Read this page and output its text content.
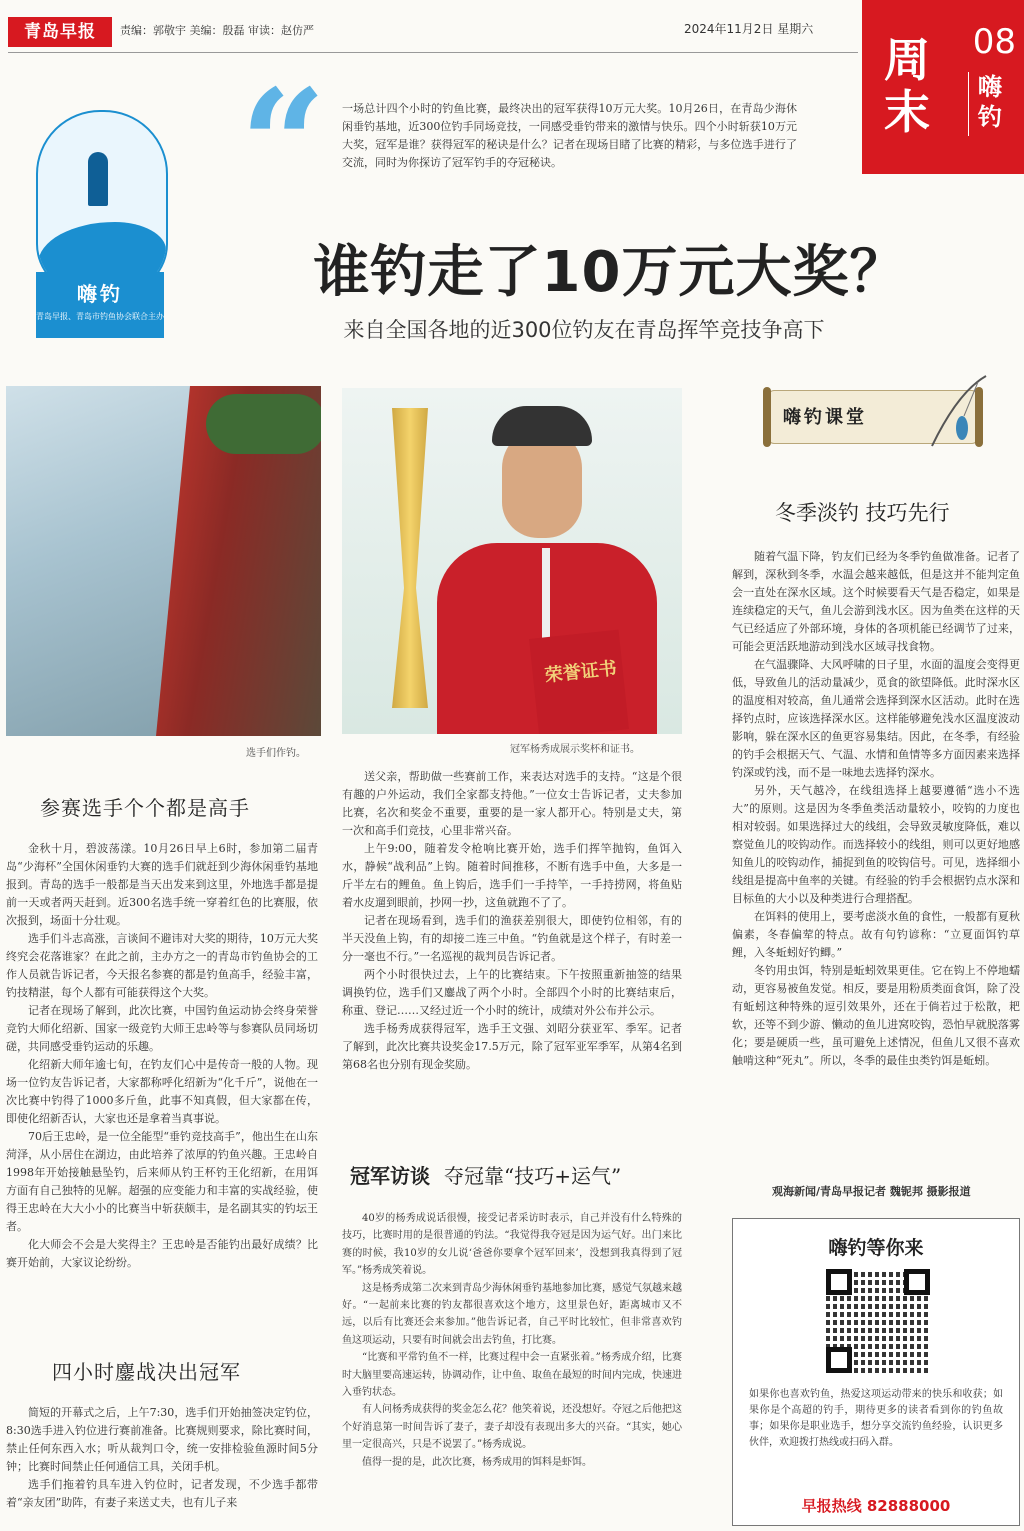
青岛早报	责编：郭敬宇 美编：殷磊 审读：赵仿严	2024年11月2日 星期六	08
周末	嗨钓
嗨钓
青岛早报、青岛市钓鱼协会联合主办
“ 一场总计四个小时的钓鱼比赛，最终决出的冠军获得10万元大奖。10月26日，在青岛少海休闲垂钓基地，近300位钓手同场竞技，一同感受垂钓带来的激情与快乐。四个小时斩获10万元大奖，冠军是谁？获得冠军的秘诀是什么？记者在现场目睹了比赛的精彩，与多位选手进行了交流，同时为你探访了冠军钓手的夺冠秘诀。
谁钓走了10万元大奖？
来自全国各地的近300位钓友在青岛挥竿竞技争高下
选手们作钓。
荣誉证书
冠军杨秀成展示奖杯和证书。
参赛选手个个都是高手

金秋十月，碧波荡漾。10月26日早上6时，参加第二届青岛“少海杯”全国休闲垂钓大赛的选手们就赶到少海休闲垂钓基地报到。青岛的选手一般都是当天出发来到这里，外地选手都是提前一天或者两天赶到。近300名选手统一穿着红色的比赛服，依次报到，场面十分壮观。

选手们斗志高涨，言谈间不避讳对大奖的期待，10万元大奖终究会花落谁家？在此之前，主办方之一的青岛市钓鱼协会的工作人员就告诉记者，今天报名参赛的都是钓鱼高手，经验丰富，钓技精湛，每个人都有可能获得这个大奖。

记者在现场了解到，此次比赛，中国钓鱼运动协会终身荣誉竞钓大师化绍新、国家一级竞钓大师王忠岭等与参赛队员同场切磋，共同感受垂钓运动的乐趣。

化绍新大师年逾七旬，在钓友们心中是传奇一般的人物。现场一位钓友告诉记者，大家都称呼化绍新为“化千斤”，说他在一次比赛中钓得了1000多斤鱼，此事不知真假，但大家都在传，即使化绍新否认，大家也还是拿着当真事说。

70后王忠岭，是一位全能型“垂钓竞技高手”，他出生在山东菏泽，从小居住在湖边，由此培养了浓厚的钓鱼兴趣。王忠岭自1998年开始接触悬坠钓，后来师从钓王杯钓王化绍新，在用饵方面有自己独特的见解。超强的应变能力和丰富的实战经验，使得王忠岭在大大小小的比赛当中斩获颇丰，是名副其实的钓坛王者。

化大师会不会是大奖得主？王忠岭是否能钓出最好成绩？比赛开始前，大家议论纷纷。

四小时鏖战决出冠军

简短的开幕式之后，上午7:30，选手们开始抽签决定钓位，8:30选手进入钓位进行赛前准备。比赛规则要求，除比赛时间，禁止任何东西入水；听从裁判口令，统一安排检验鱼源时间5分钟；比赛时间禁止任何通信工具，关闭手机。

选手们拖着钓具车进入钓位时，记者发现，不少选手都带着“亲友团”助阵，有妻子来送丈夫，也有儿子来

送父亲，帮助做一些赛前工作，来表达对选手的支持。“这是个很有趣的户外运动，我们全家都支持他。”一位女士告诉记者，丈夫参加比赛，名次和奖金不重要，重要的是一家人都开心。特别是丈夫，第一次和高手们竞技，心里非常兴奋。

上午9:00，随着发令枪响比赛开始，选手们挥竿抛钩，鱼饵入水，静候“战利品”上钩。随着时间推移，不断有选手中鱼，大多是一斤半左右的鲤鱼。鱼上钩后，选手们一手持竿，一手持捞网，将鱼贴着水皮遛到眼前，抄网一抄，这鱼就跑不了了。

记者在现场看到，选手们的渔获差别很大，即使钓位相邻，有的半天没鱼上钩，有的却接二连三中鱼。“钓鱼就是这个样子，有时差一分一毫也不行。”一名巡视的裁判员告诉记者。

两个小时很快过去，上午的比赛结束。下午按照重新抽签的结果调换钓位，选手们又鏖战了两个小时。全部四个小时的比赛结束后，称重、登记……又经过近一个小时的统计，成绩对外公布并公示。

选手杨秀成获得冠军，选手王文强、刘昭分获亚军、季军。记者了解到，此次比赛共设奖金17.5万元，除了冠军亚军季军，从第4名到第68名也分别有现金奖励。

冠军访谈 夺冠靠“技巧+运气”

40岁的杨秀成说话很慢，接受记者采访时表示，自己并没有什么特殊的技巧，比赛时用的是很普通的钓法。“我觉得我夺冠是因为运气好。出门来比赛的时候，我10岁的女儿说‘爸爸你要拿个冠军回来’，没想到我真得到了冠军。”杨秀成笑着说。

这是杨秀成第二次来到青岛少海休闲垂钓基地参加比赛，感觉气氛越来越好。“一起前来比赛的钓友都很喜欢这个地方，这里景色好，距离城市又不远，以后有比赛还会来参加。”他告诉记者，自己平时比较忙，但非常喜欢钓鱼这项运动，只要有时间就会出去钓鱼，打比赛。

“比赛和平常钓鱼不一样，比赛过程中会一直紧张着。”杨秀成介绍，比赛时大脑里要高速运转，协调动作，让中鱼、取鱼在最短的时间内完成，快速进入垂钓状态。

有人问杨秀成获得的奖金怎么花？他笑着说，还没想好。夺冠之后他把这个好消息第一时间告诉了妻子，妻子却没有表现出多大的兴奋。“其实，她心里一定很高兴，只是不说罢了。”杨秀成说。

值得一提的是，此次比赛，杨秀成用的饵料是虾饵。

嗨钓课堂
冬季淡钓 技巧先行

随着气温下降，钓友们已经为冬季钓鱼做准备。记者了解到，深秋到冬季，水温会越来越低，但是这并不能判定鱼会一直处在深水区域。这个时候要看天气是否稳定，如果是连续稳定的天气，鱼儿会游到浅水区。因为鱼类在这样的天气已经适应了外部环境，身体的各项机能已经调节了过来，可能会更活跃地游动到浅水区域寻找食物。

在气温骤降、大风呼啸的日子里，水面的温度会变得更低，导致鱼儿的活动量减少，觅食的欲望降低。此时深水区的温度相对较高，鱼儿通常会选择到深水区活动。此时在选择钓点时，应该选择深水区。这样能够避免浅水区温度波动影响，躲在深水区的鱼更容易集结。因此，在冬季，有经验的钓手会根据天气、气温、水情和鱼情等多方面因素来选择钓深或钓浅，而不是一味地去选择钓深水。

另外，天气越冷，在线组选择上越要遵循“选小不选大”的原则。这是因为冬季鱼类活动量较小，咬钩的力度也相对较弱。如果选择过大的线组，会导致灵敏度降低，难以察觉鱼儿的咬钩动作。而选择较小的线组，则可以更好地感知鱼儿的咬钩动作，捕捉到鱼的咬钩信号。可见，选择细小线组是提高中鱼率的关键。有经验的钓手会根据钓点水深和目标鱼的大小以及种类进行合理搭配。

在饵料的使用上，要考虑淡水鱼的食性，一般都有夏秋偏素，冬春偏荤的特点。故有句钓谚称：“立夏面饵钓草鲤，入冬蚯蚓好钓鲫。”

冬钓用虫饵，特别是蚯蚓效果更佳。它在钩上不停地蠕动，更容易被鱼发觉。相反，要是用粉质类面食饵，除了没有蚯蚓这种特殊的逗引效果外，还在于倘若过于松散，耙软，还等不到少游、懒动的鱼儿进窝咬钩，恐怕早就脱落雾化；要是硬质一些，虽可避免上述情况，但鱼儿又很不喜欢触啃这种“死丸”。所以，冬季的最佳虫类钓饵是蚯蚓。

观海新闻/青岛早报记者 魏铌邦 摄影报道
嗨钓等你来
如果你也喜欢钓鱼，热爱这项运动带来的快乐和收获；如果你是个高超的钓手，期待更多的读者看到你的钓鱼故事；如果你是职业选手，想分享交流钓鱼经验，认识更多伙伴，欢迎拨打热线或扫码入群。
早报热线 82888000
